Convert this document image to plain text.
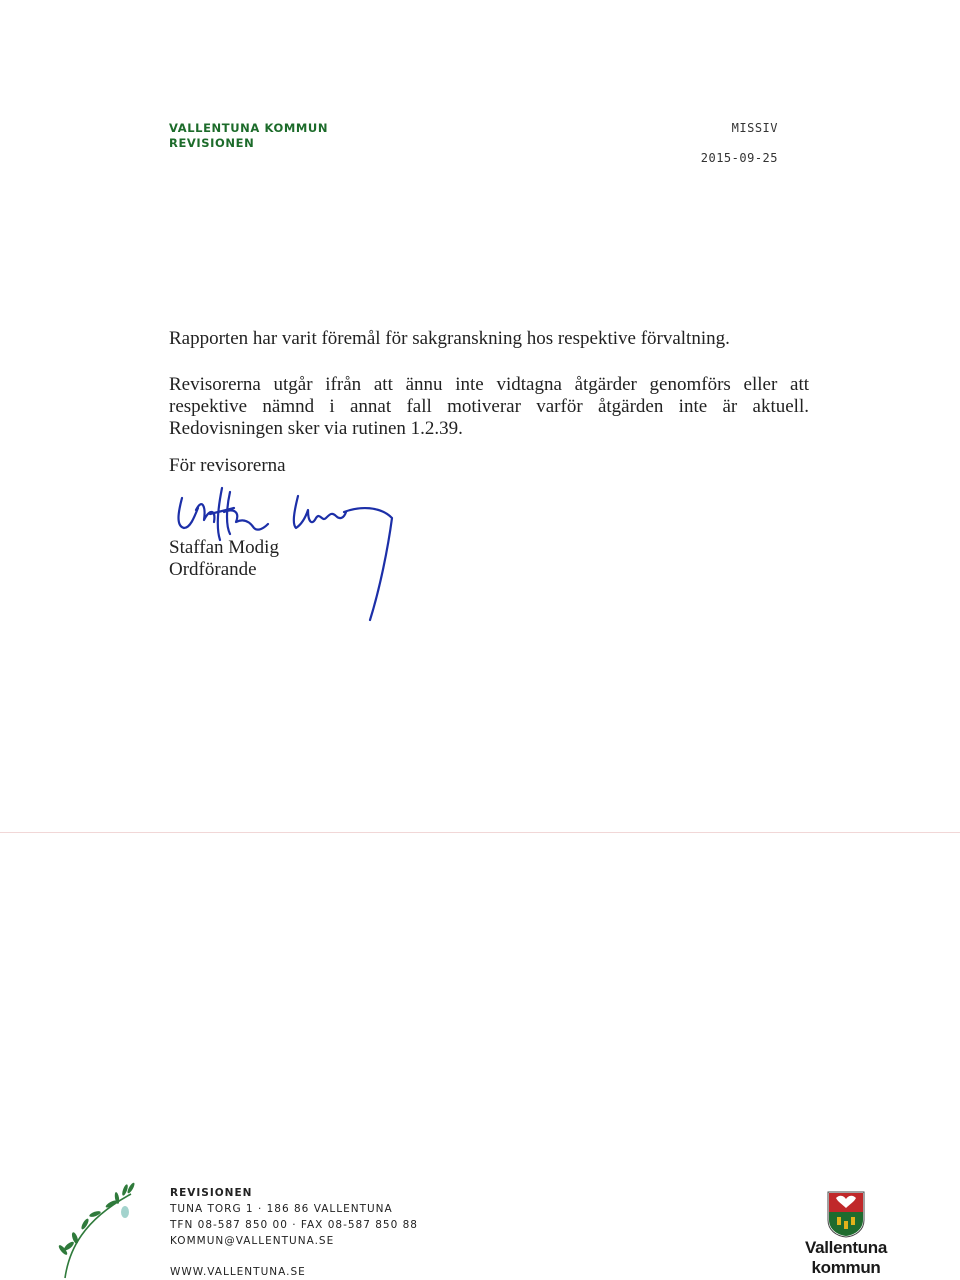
VALLENTUNA KOMMUN
REVISIONEN
MISSIV
2015-09-25
Rapporten har varit föremål för sakgranskning hos respektive förvaltning.
Revisorerna utgår ifrån att ännu inte vidtagna åtgärder genomförs eller att respektive nämnd i annat fall motiverar varför åtgärden inte är aktuell. Redovisningen sker via rutinen 1.2.39.
För revisorerna
Staffan Modig
Ordförande
REVISIONEN
TUNA TORG 1 · 186 86 VALLENTUNA
TFN 08-587 850 00 · FAX 08-587 850 88
KOMMUN@VALLENTUNA.SE
WWW.VALLENTUNA.SE
Vallentuna
kommun
